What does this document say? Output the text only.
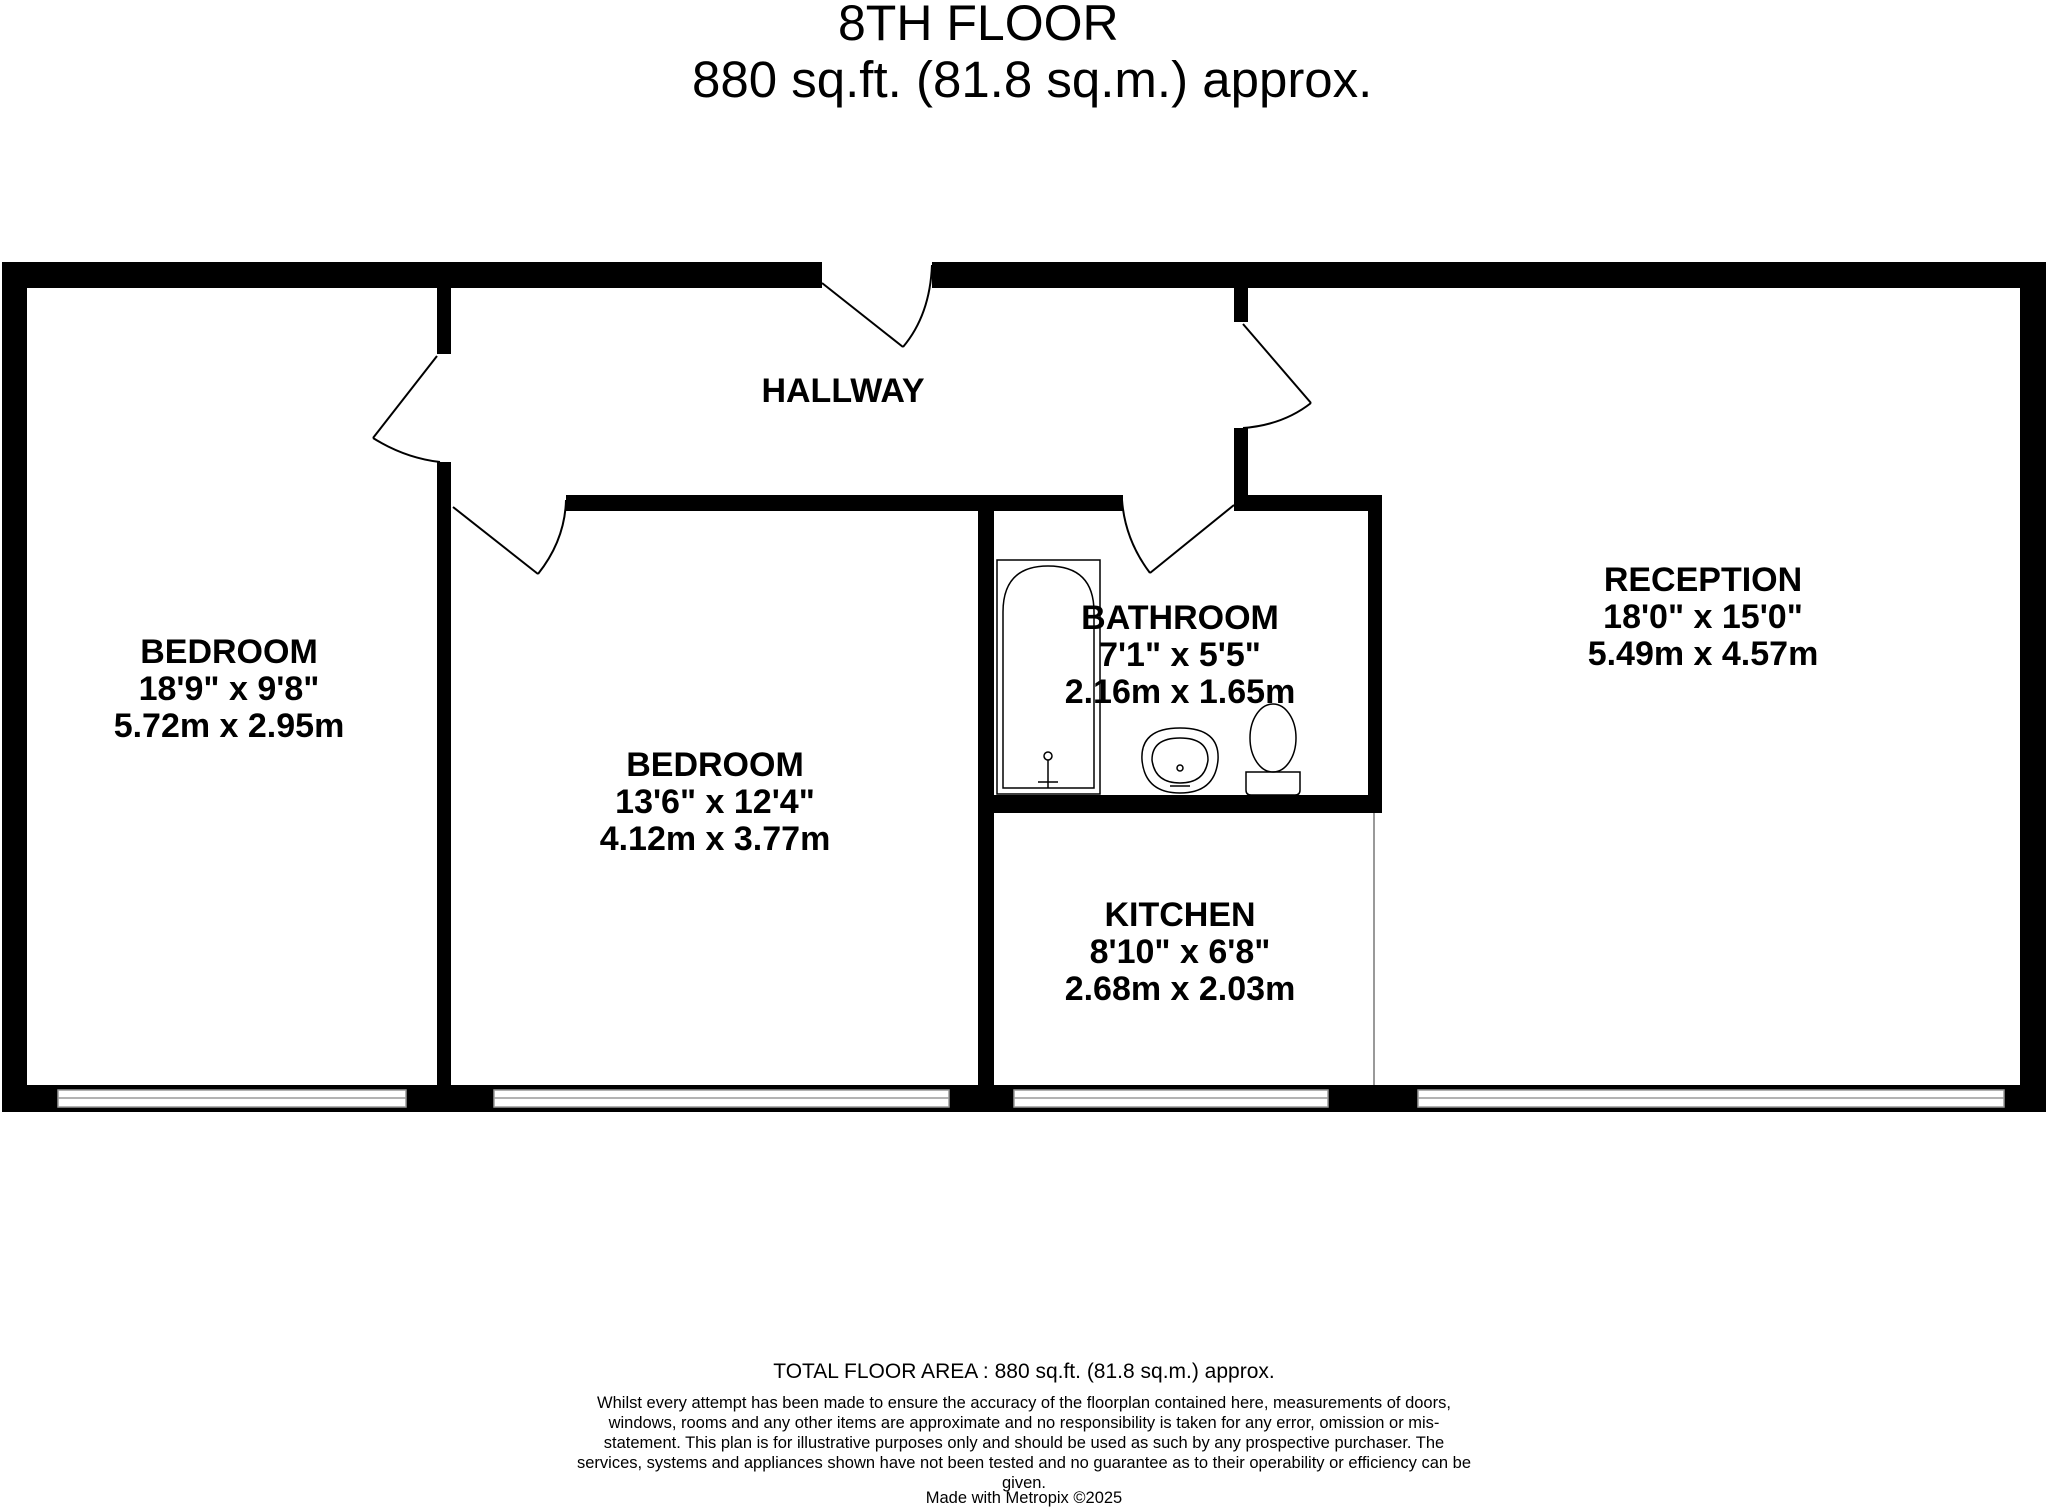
8TH FLOOR
880 sq.ft. (81.8 sq.m.) approx.
HALLWAY
BEDROOM
18'9" x 9'8"
5.72m x 2.95m
BEDROOM
13'6" x 12'4"
4.12m x 3.77m
BATHROOM
7'1" x 5'5"
2.16m x 1.65m
KITCHEN
8'10" x 6'8"
2.68m x 2.03m
RECEPTION
18'0" x 15'0"
5.49m x 4.57m
TOTAL FLOOR AREA : 880 sq.ft. (81.8 sq.m.) approx.
Whilst every attempt has been made to ensure the accuracy of the floorplan contained here, measurements of doors, windows, rooms and any other items are approximate and no responsibility is taken for any error, omission or mis-statement. This plan is for illustrative purposes only and should be used as such by any prospective purchaser. The services, systems and appliances shown have not been tested and no guarantee as to their operability or efficiency can be given.
Made with Metropix ©2025
